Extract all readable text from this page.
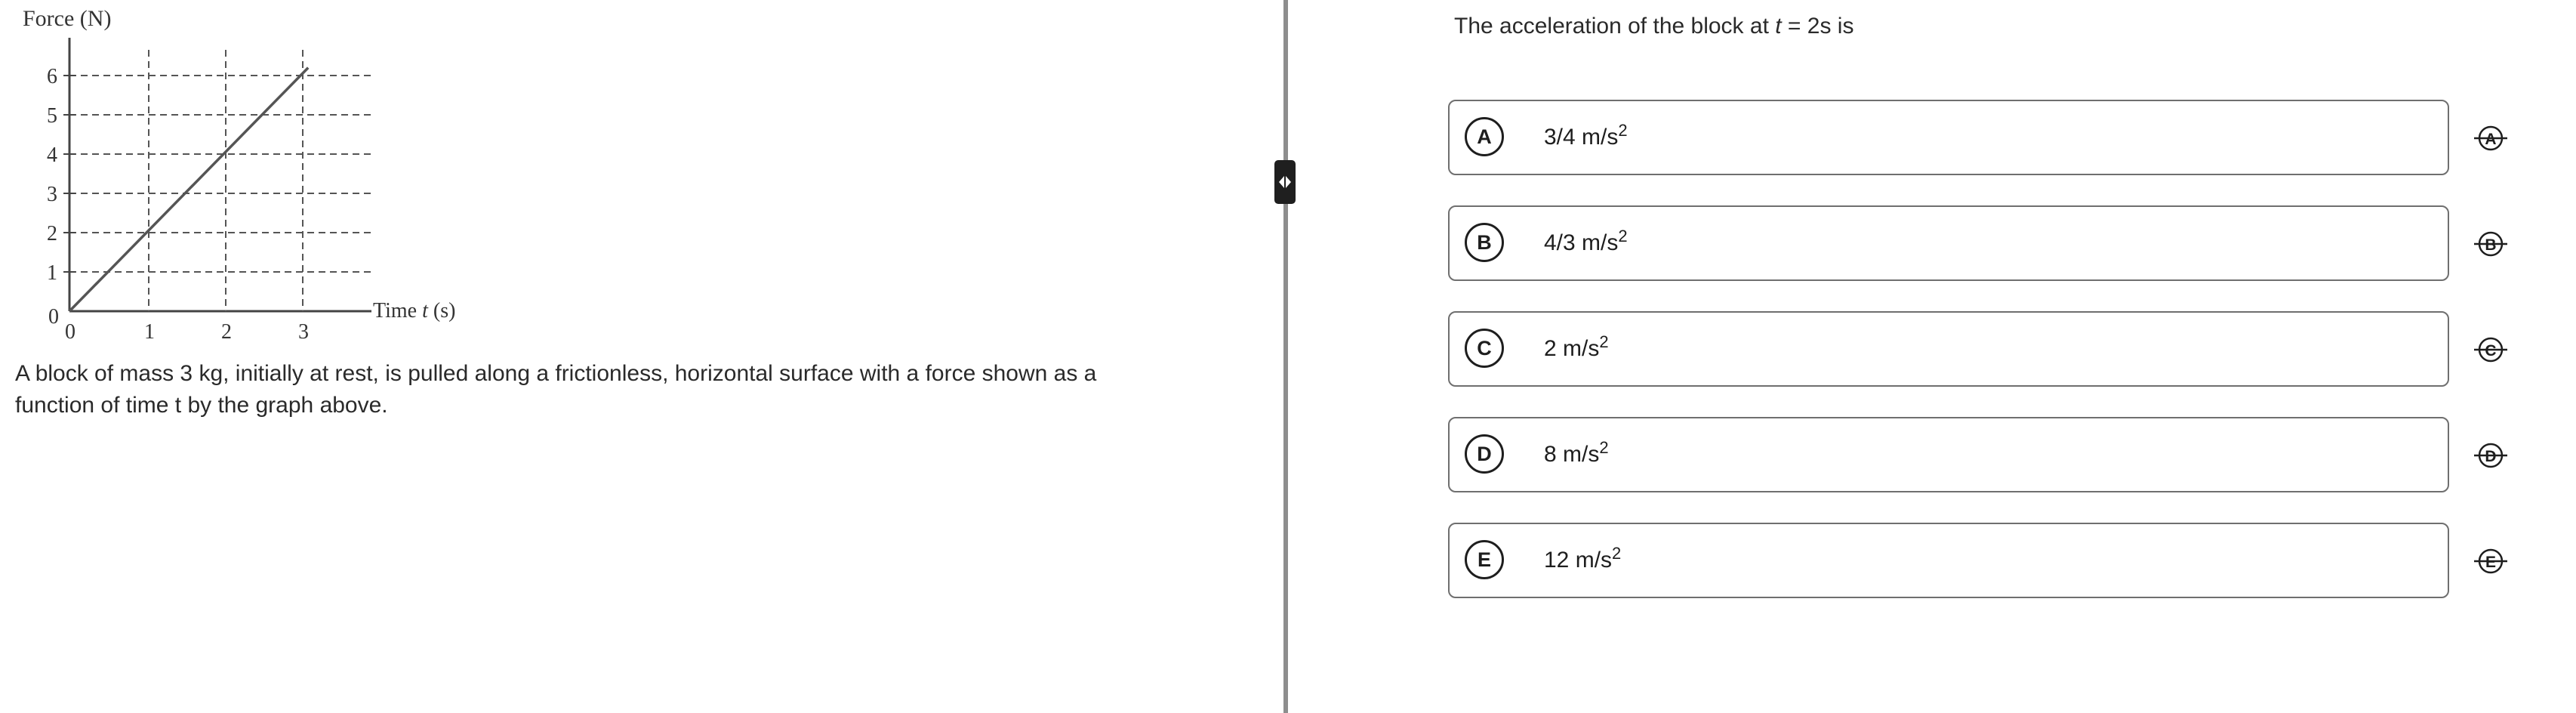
Force (N)
6
5
4
3
2
1
0
0	1	2	3
Time t (s)

A block of mass 3 kg, initially at rest, is pulled along a frictionless, horizontal surface with a force shown as a function of time t by the graph above.

The acceleration of the block at t = 2s is

A	3/4 $m/s^2$	A
B	4/3 $m/s^2$	B
C	2 $m/s^2$	C
D	8 $m/s^2$	D
E	12 $m/s^2$	E
